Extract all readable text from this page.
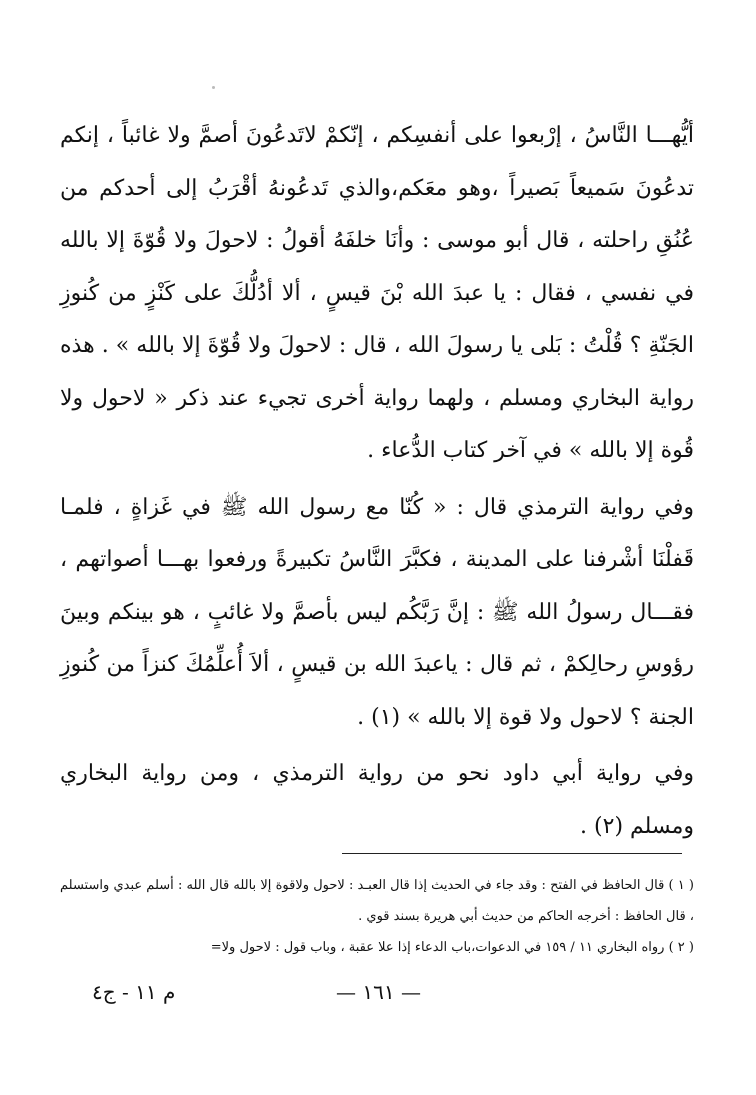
أيُّهـــا النَّاسُ ، إرْبعوا على أنفسِكم ، إنّكمْ لاتَدعُونَ أصمَّ ولا غائباً ، إنكم تدعُونَ سَميعاً بَصيراً ،وهو معَكم،والذي تَدعُونهُ أقْرَبُ إلى أحدكم من عُنُقِ راحلته ، قال أبو موسى : وأنَا خلفَهُ أقولُ : لاحولَ ولا قُوّةَ إلا بالله في نفسي ، فقال : يا عبدَ الله بْنَ قيسٍ ، ألا أدُلُّكَ على كَنْزٍ من كُنوزِ الجَنّةِ ؟ قُلْتُ : بَلى يا رسولَ الله ، قال : لاحولَ ولا قُوّةَ إلا بالله » . هذه رواية البخاري ومسلم ، ولهما رواية أخرى تجيء عند ذكر « لاحول ولا قُوة إلا بالله » في آخر كتاب الدُّعاء .

وفي رواية الترمذي قال : « كُنّا مع رسول الله ﷺ في غَزاةٍ ، فلمـا قَفلْنَا أشْرفنا على المدينة ، فكبَّرَ النَّاسُ تكبيرةً ورفعوا بهـــا أصواتهم ، فقـــال رسولُ الله ﷺ : إنَّ رَبَّكُم ليس بأصمَّ ولا غائبٍ ، هو بينكم وبينَ رؤوسِ رحالِكمْ ، ثم قال : ياعبدَ الله بن قيسٍ ، ألاَ أُعلِّمُكَ كنزاً من كُنوزِ الجنة ؟ لاحول ولا قوة إلا بالله » (١) .

وفي رواية أبي داود نحو من رواية الترمذي ، ومن رواية البخاري ومسلم (٢) .

( ١ ) قال الحافظ في الفتح : وقد جاء في الحديث إذا قال العبـد : لاحول ولاقوة إلا بالله قال الله : أسلم عبدي واستسلم ، قال الحافظ : أخرجه الحاكم من حديث أبي هريرة بسند قوي .

( ٢ ) رواه البخاري ١١ / ١٥٩ في الدعوات،باب الدعاء إذا علا عقبة ، وباب قول : لاحول ولا=

— ١٦١ —
م ١١ - ج٤
